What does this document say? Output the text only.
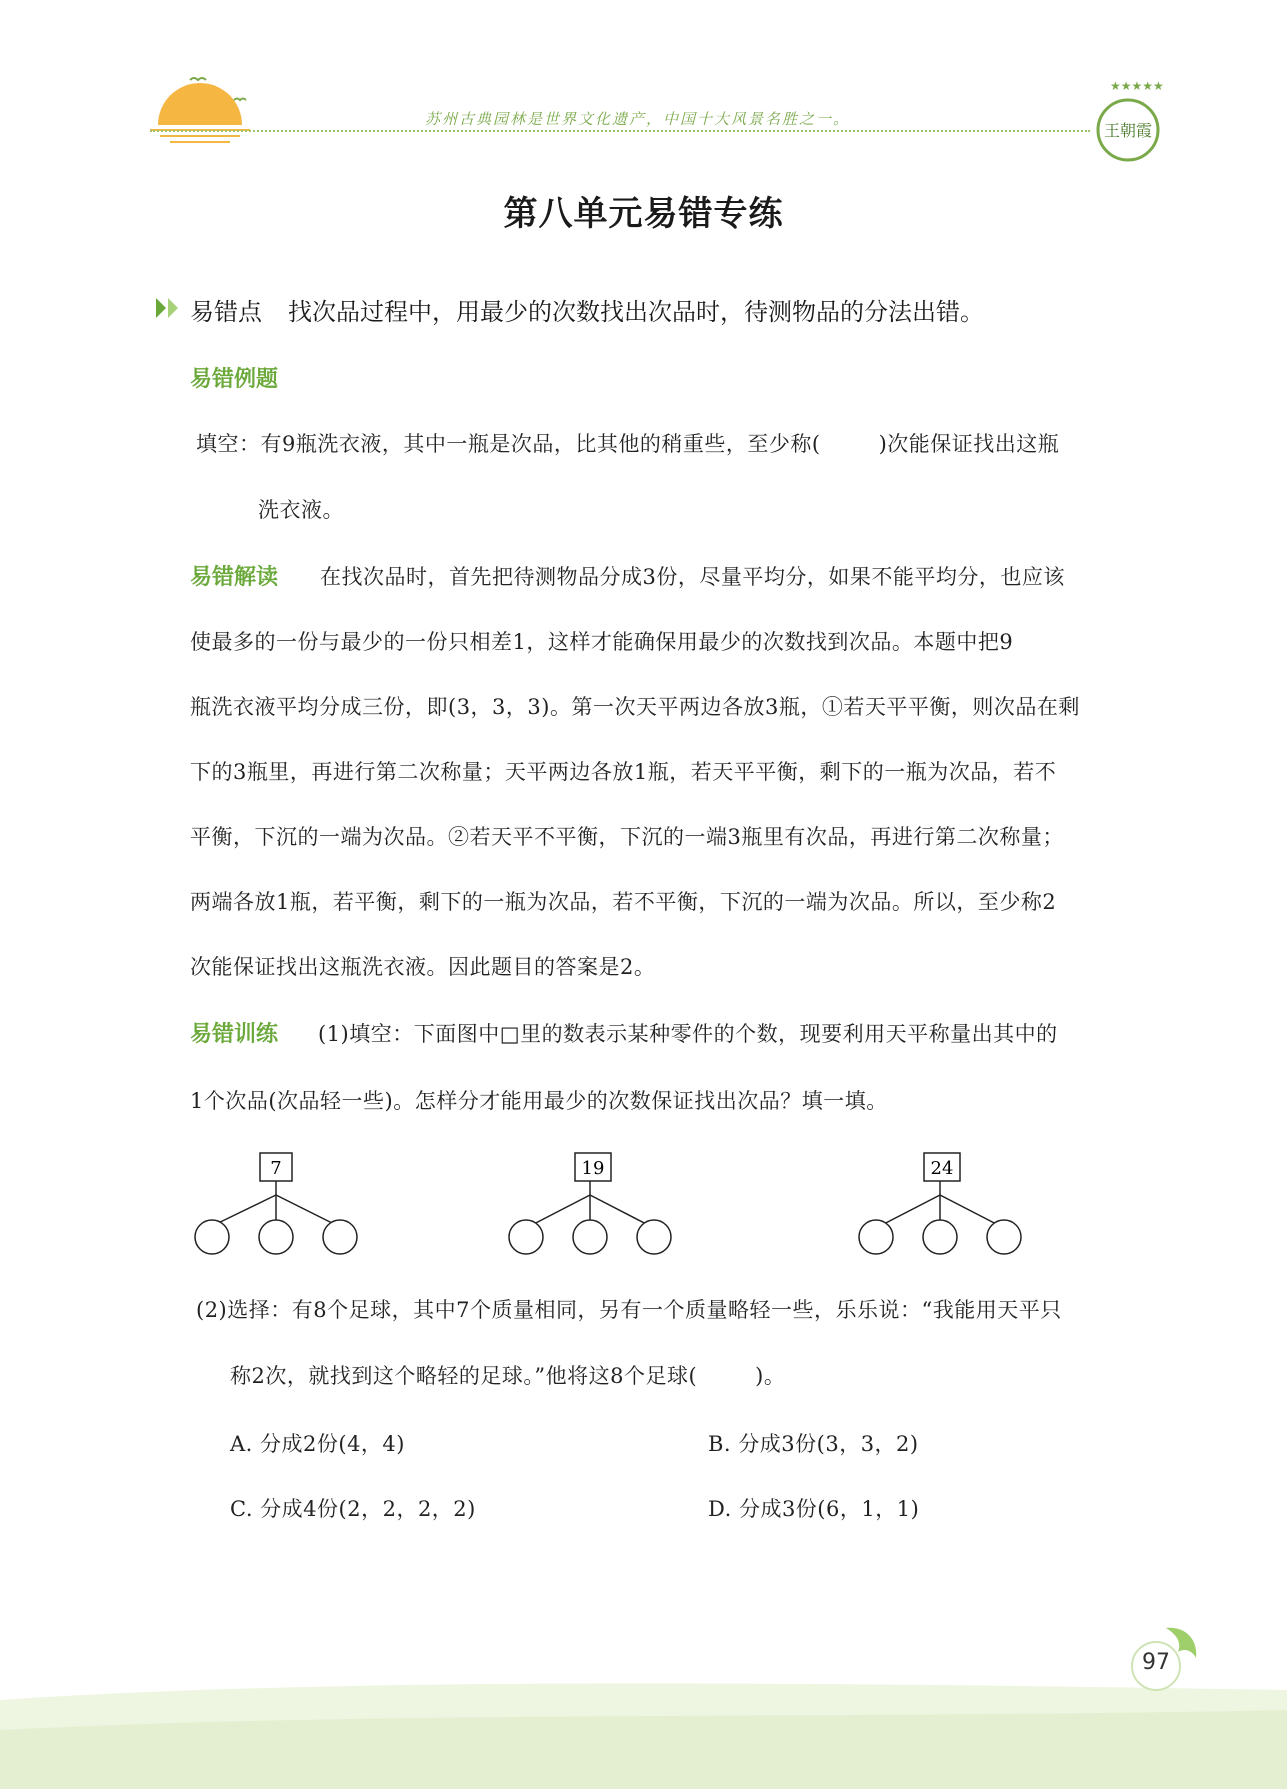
苏州古典园林是世界文化遗产，中国十大风景名胜之一。
★★★★★
王朝霞
第八单元易错专练
易错点 找次品过程中，用最少的次数找出次品时，待测物品的分法出错。
易错例题
填空：有9瓶洗衣液，其中一瓶是次品，比其他的稍重些，至少称(	)次能保证找出这瓶
洗衣液。
易错解读 在找次品时，首先把待测物品分成3份，尽量平均分，如果不能平均分，也应该
使最多的一份与最少的一份只相差1，这样才能确保用最少的次数找到次品。本题中把9
瓶洗衣液平均分成三份，即(3，3，3)。第一次天平两边各放3瓶，①若天平平衡，则次品在剩
下的3瓶里，再进行第二次称量；天平两边各放1瓶，若天平平衡，剩下的一瓶为次品，若不
平衡，下沉的一端为次品。②若天平不平衡，下沉的一端3瓶里有次品，再进行第二次称量；
两端各放1瓶，若平衡，剩下的一瓶为次品，若不平衡，下沉的一端为次品。所以，至少称2
次能保证找出这瓶洗衣液。因此题目的答案是2。
易错训练 (1)填空：下面图中□里的数表示某种零件的个数，现要利用天平称量出其中的
1个次品(次品轻一些)。怎样分才能用最少的次数保证找出次品？填一填。
7	19	24
(2)选择：有8个足球，其中7个质量相同，另有一个质量略轻一些，乐乐说：“我能用天平只
称2次，就找到这个略轻的足球。”他将这8个足球(	)。
A. 分成2份(4，4)	B. 分成3份(3，3，2)
C. 分成4份(2，2，2，2)	D. 分成3份(6，1，1)
97
